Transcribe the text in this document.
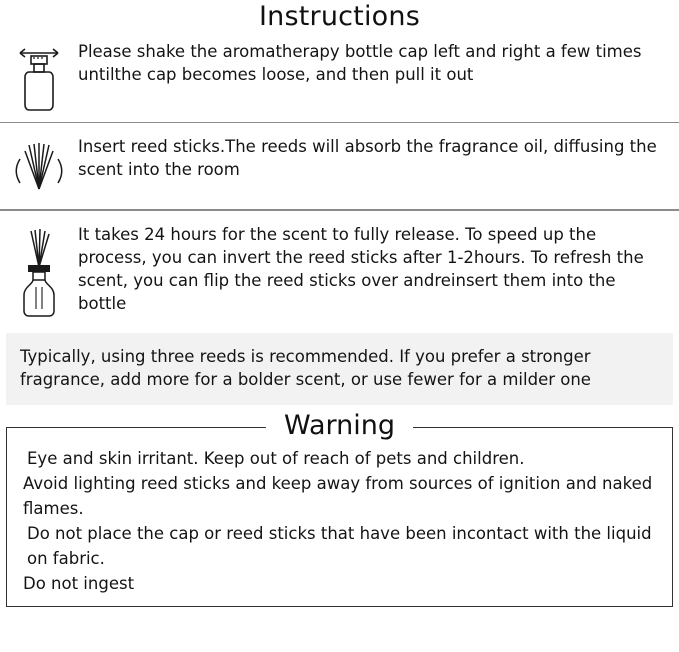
Instructions
Please shake the aromatherapy bottle cap left and right a few times untilthe cap becomes loose, and then pull it out
Insert reed sticks.The reeds will absorb the fragrance oil, diffusing the scent into the room
It takes 24 hours for the scent to fully release. To speed up the process, you can invert the reed sticks after 1-2hours. To refresh the scent, you can flip the reed sticks over andreinsert them into the bottle
Typically, using three reeds is recommended. If you prefer a stronger fragrance, add more for a bolder scent, or use fewer for a milder one
Warning
Eye and skin irritant. Keep out of reach of pets and children.
Avoid lighting reed sticks and keep away from sources of ignition and naked flames.
Do not place the cap or reed sticks that have been incontact with the liquid on fabric.
Do not ingest
